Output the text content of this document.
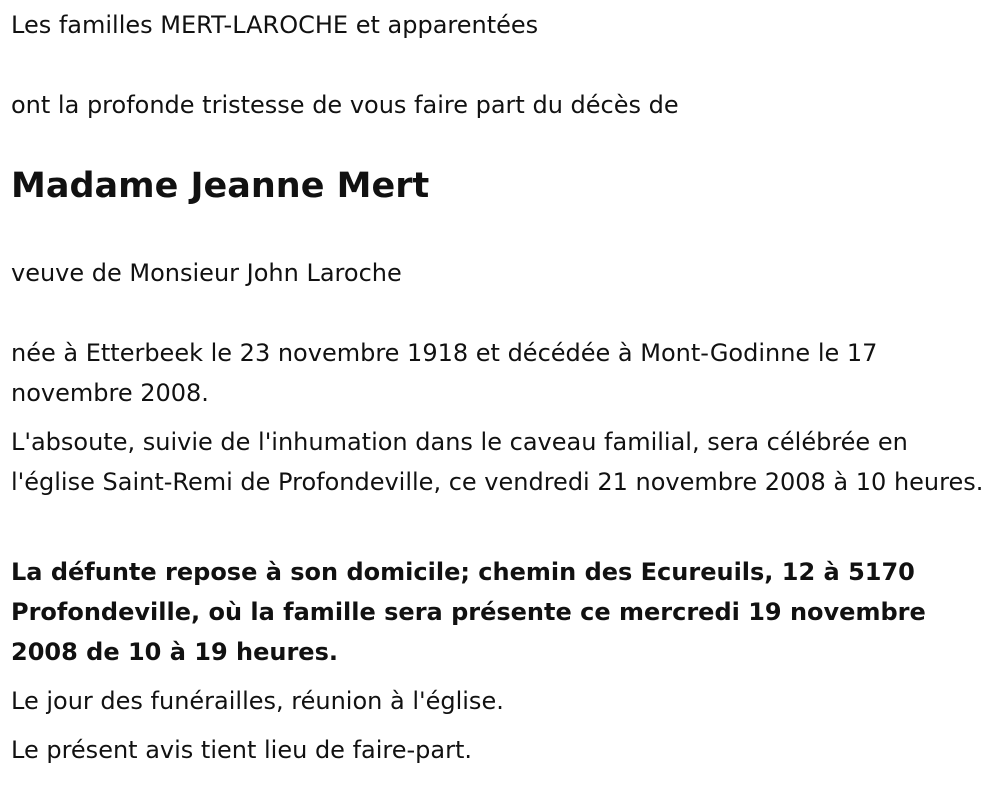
Les familles MERT-LAROCHE et apparentées

ont la profonde tristesse de vous faire part du décès de

Madame Jeanne Mert

veuve de Monsieur John Laroche

née à Etterbeek le 23 novembre 1918 et décédée à Mont-Godinne le 17 novembre 2008.

L'absoute, suivie de l'inhumation dans le caveau familial, sera célébrée en l'église Saint-Remi de Profondeville, ce vendredi 21 novembre 2008 à 10 heures.

La défunte repose à son domicile; chemin des Ecureuils, 12 à 5170 Profondeville, où la famille sera présente ce mercredi 19 novembre 2008 de 10 à 19 heures.

Le jour des funérailles, réunion à l'église.

Le présent avis tient lieu de faire-part.
